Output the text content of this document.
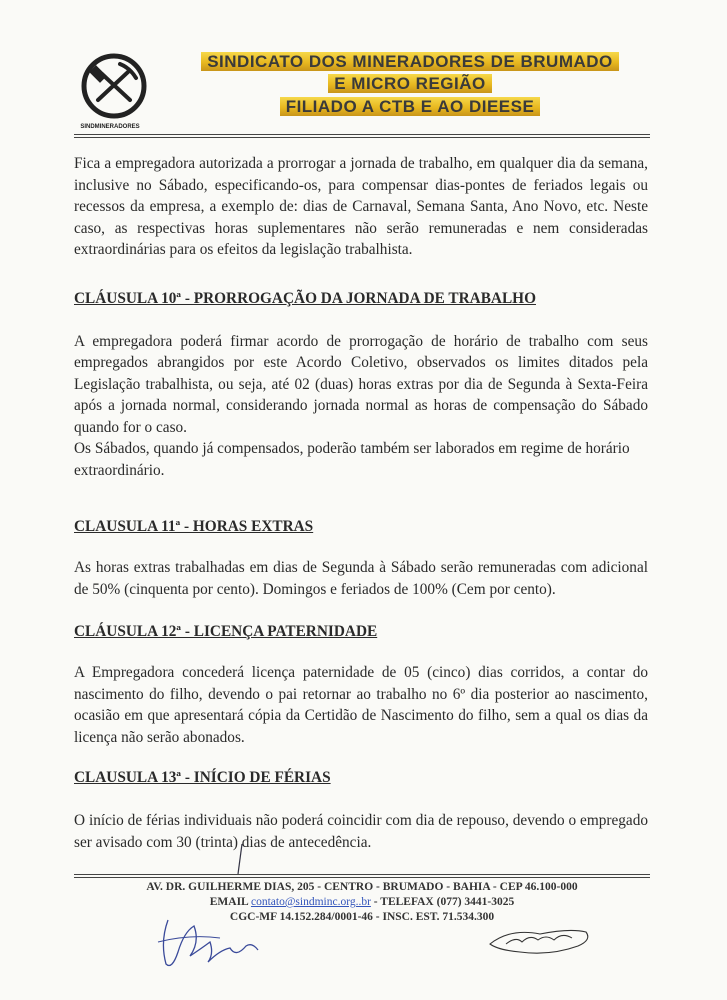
SINDMINERADORES
SINDICATO DOS MINERADORES DE BRUMADO
E MICRO REGIÃO
FILIADO A CTB E AO DIEESE

Fica a empregadora autorizada a prorrogar a jornada de trabalho, em qualquer dia da semana, inclusive no Sábado, especificando-os, para compensar dias-pontes de feriados legais ou recessos da empresa, a exemplo de: dias de Carnaval, Semana Santa, Ano Novo, etc. Neste caso, as respectivas horas suplementares não serão remuneradas e nem consideradas extraordinárias para os efeitos da legislação trabalhista.

CLÁUSULA 10ª - PRORROGAÇÃO DA JORNADA DE TRABALHO

A empregadora poderá firmar acordo de prorrogação de horário de trabalho com seus empregados abrangidos por este Acordo Coletivo, observados os limites ditados pela Legislação trabalhista, ou seja, até 02 (duas) horas extras por dia de Segunda à Sexta-Feira após a jornada normal, considerando jornada normal as horas de compensação do Sábado quando for o caso.

Os Sábados, quando já compensados, poderão também ser laborados em regime de horário extraordinário.

CLAUSULA 11ª - HORAS EXTRAS

As horas extras trabalhadas em dias de Segunda à Sábado serão remuneradas com adicional de 50% (cinquenta por cento). Domingos e feriados de 100% (Cem por cento).

CLÁUSULA 12ª - LICENÇA PATERNIDADE

A Empregadora concederá licença paternidade de 05 (cinco) dias corridos, a contar do nascimento do filho, devendo o pai retornar ao trabalho no 6º dia posterior ao nascimento, ocasião em que apresentará cópia da Certidão de Nascimento do filho, sem a qual os dias da licença não serão abonados.

CLAUSULA 13ª - INÍCIO DE FÉRIAS

O início de férias individuais não poderá coincidir com dia de repouso, devendo o empregado ser avisado com 30 (trinta) dias de antecedência.

AV. DR. GUILHERME DIAS, 205 - CENTRO - BRUMADO - BAHIA - CEP 46.100-000
EMAIL contato@sindminc.org..br - TELEFAX (077) 3441-3025
CGC-MF 14.152.284/0001-46 - INSC. EST. 71.534.300
